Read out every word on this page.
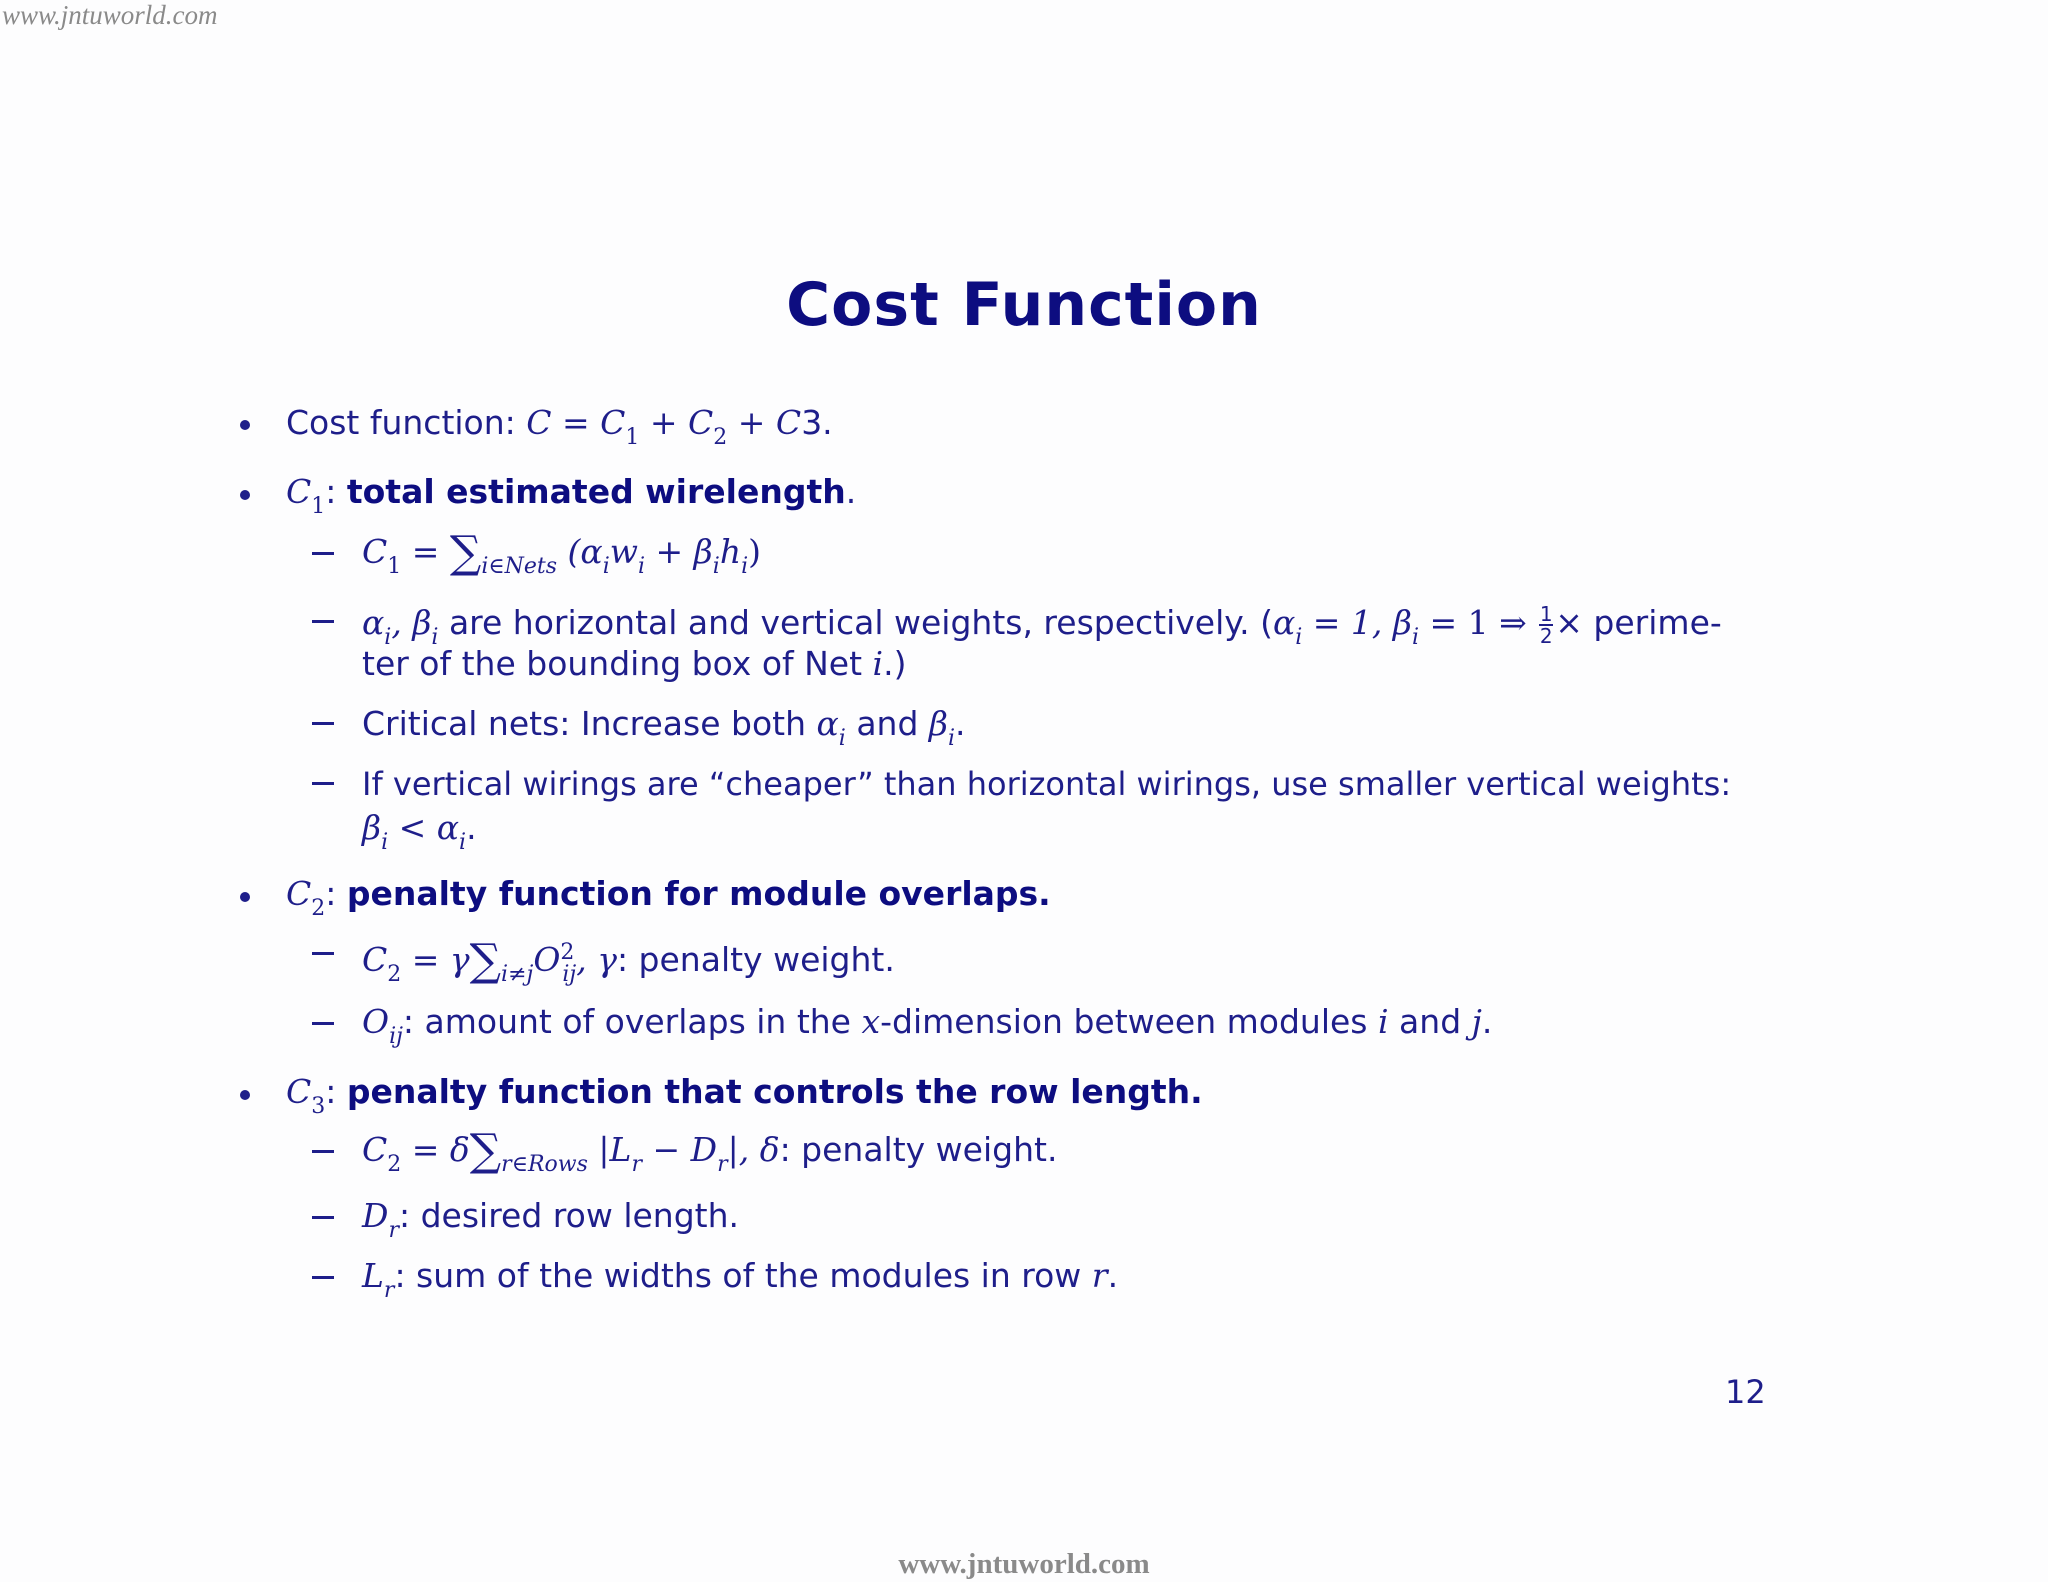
www.jntuworld.com
Cost Function
Cost function: $C = C_1 + C_2 + C3$.
$C_1$: total estimated wirelength.
$C_1 = \sum_{i\in Nets}$ $(\alpha_iw_i + \beta_ih_i)$
$\alpha_i$, $\beta_i$ are horizontal and vertical weights, respectively. ($\alpha_i = 1$, $\beta_i = 1$ ⇒ $\frac{1}{2}$ × perime-
ter of the bounding box of Net i.)
Critical nets: Increase both $\alpha_i$ and $\beta_i$.
If vertical wirings are “cheaper” than horizontal wirings, use smaller vertical weights:
$\beta_i < \alpha_i$.
$C_2$: penalty function for module overlaps.
$C_2 = \gamma\sum_{i\ne j}O^2_{ij}$, γ: penalty weight.
$O_{ij}$: amount of overlaps in the x-dimension between modules i and j.
$C_3$: penalty function that controls the row length.
$C_2 = \delta\sum_{r\in Rows}$ $|L_r - D_r|$, δ: penalty weight.
$D_r$: desired row length.
$L_r$: sum of the widths of the modules in row r.
12
www.jntuworld.com
